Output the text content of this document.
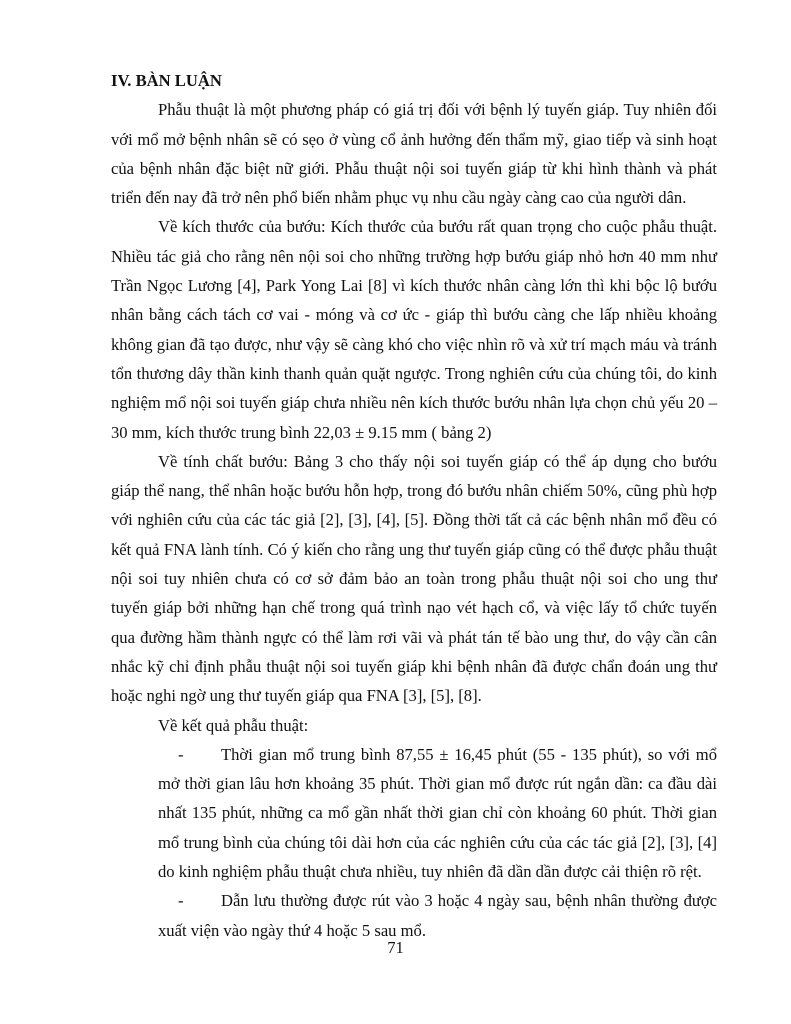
IV. BÀN LUẬN

Phẫu thuật là một phương pháp có giá trị đối với bệnh lý tuyến giáp. Tuy nhiên đối với mổ mở bệnh nhân sẽ có sẹo ở vùng cổ ảnh hưởng đến thẩm mỹ, giao tiếp và sinh hoạt của bệnh nhân đặc biệt nữ giới. Phẫu thuật nội soi tuyến giáp từ khi hình thành và phát triển đến nay đã trở nên phổ biến nhằm phục vụ nhu cầu ngày càng cao của người dân.

Về kích thước của bướu: Kích thước của bướu rất quan trọng cho cuộc phẫu thuật. Nhiều tác giả cho rằng nên nội soi cho những trường hợp bướu giáp nhỏ hơn 40 mm như Trần Ngọc Lương [4], Park Yong Lai [8] vì kích thước nhân càng lớn thì khi bộc lộ bướu nhân bằng cách tách cơ vai - móng và cơ ức - giáp thì bướu càng che lấp nhiều khoảng không gian đã tạo được, như vậy sẽ càng khó cho việc nhìn rõ và xử trí mạch máu và tránh tổn thương dây thần kinh thanh quản quặt ngược. Trong nghiên cứu của chúng tôi, do kinh nghiệm mổ nội soi tuyến giáp chưa nhiều nên kích thước bướu nhân lựa chọn chủ yếu 20 – 30 mm, kích thước trung bình 22,03 ± 9.15 mm ( bảng 2)

Về tính chất bướu: Bảng 3 cho thấy nội soi tuyến giáp có thể áp dụng cho bướu giáp thể nang, thể nhân hoặc bướu hỗn hợp, trong đó bướu nhân chiếm 50%, cũng phù hợp với nghiên cứu của các tác giả [2], [3], [4], [5]. Đồng thời tất cả các bệnh nhân mổ đều có kết quả FNA lành tính. Có ý kiến cho rằng ung thư tuyến giáp cũng có thể được phẫu thuật nội soi tuy nhiên chưa có cơ sở đảm bảo an toàn trong phẫu thuật nội soi cho ung thư tuyến giáp bởi những hạn chế trong quá trình nạo vét hạch cổ, và việc lấy tổ chức tuyến qua đường hầm thành ngực có thể làm rơi vãi và phát tán tế bào ung thư, do vậy cần cân nhắc kỹ chỉ định phẫu thuật nội soi tuyến giáp khi bệnh nhân đã được chẩn đoán ung thư hoặc nghi ngờ ung thư tuyến giáp qua FNA [3], [5], [8].

Về kết quả phẫu thuật:

- Thời gian mổ trung bình 87,55 ± 16,45 phút (55 - 135 phút), so với mổ mở thời gian lâu hơn khoảng 35 phút. Thời gian mổ được rút ngắn dần: ca đầu dài nhất 135 phút, những ca mổ gần nhất thời gian chỉ còn khoảng 60 phút. Thời gian mổ trung bình của chúng tôi dài hơn của các nghiên cứu của các tác giả [2], [3], [4] do kinh nghiệm phẫu thuật chưa nhiều, tuy nhiên đã dần dần được cải thiện rõ rệt.
- Dẫn lưu thường được rút vào 3 hoặc 4 ngày sau, bệnh nhân thường được xuất viện vào ngày thứ 4 hoặc 5 sau mổ.
71
